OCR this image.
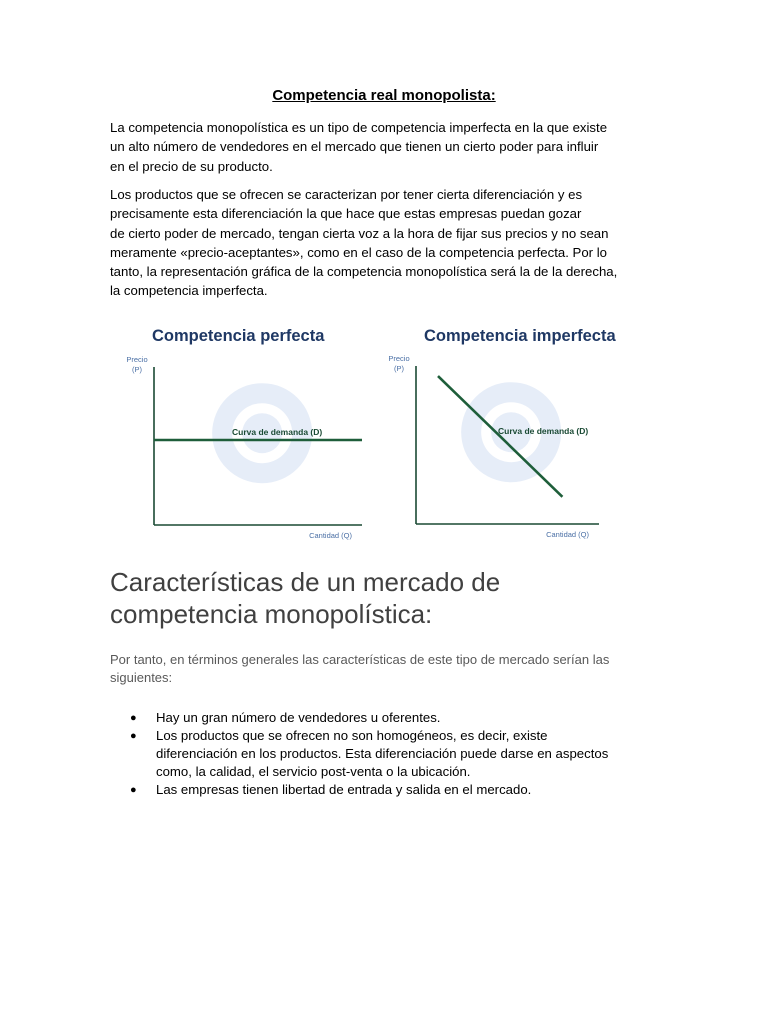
Competencia real monopolista:

La competencia monopolística es un tipo de competencia imperfecta en la que existe
un alto número de vendedores en el mercado que tienen un cierto poder para influir
en el precio de su producto.

Los productos que se ofrecen se caracterizan por tener cierta diferenciación y es
precisamente esta diferenciación la que hace que estas empresas puedan gozar
de cierto poder de mercado, tengan cierta voz a la hora de fijar sus precios y no sean
meramente «precio-aceptantes», como en el caso de la competencia perfecta. Por lo
tanto, la representación gráfica de la competencia monopolística será la de la derecha,
la competencia imperfecta.

Competencia perfecta
Precio
(P)
Cantidad (Q)
Curva de demanda (D)
Competencia imperfecta
Precio
(P)
Cantidad (Q)
Curva de demanda (D)
Características de un mercado de
competencia monopolística:

Por tanto, en términos generales las características de este tipo de mercado serían las
siguientes:

● Hay un gran número de vendedores u oferentes.
● Los productos que se ofrecen no son homogéneos, es decir, existe
diferenciación en los productos. Esta diferenciación puede darse en aspectos
como, la calidad, el servicio post-venta o la ubicación.
● Las empresas tienen libertad de entrada y salida en el mercado.
